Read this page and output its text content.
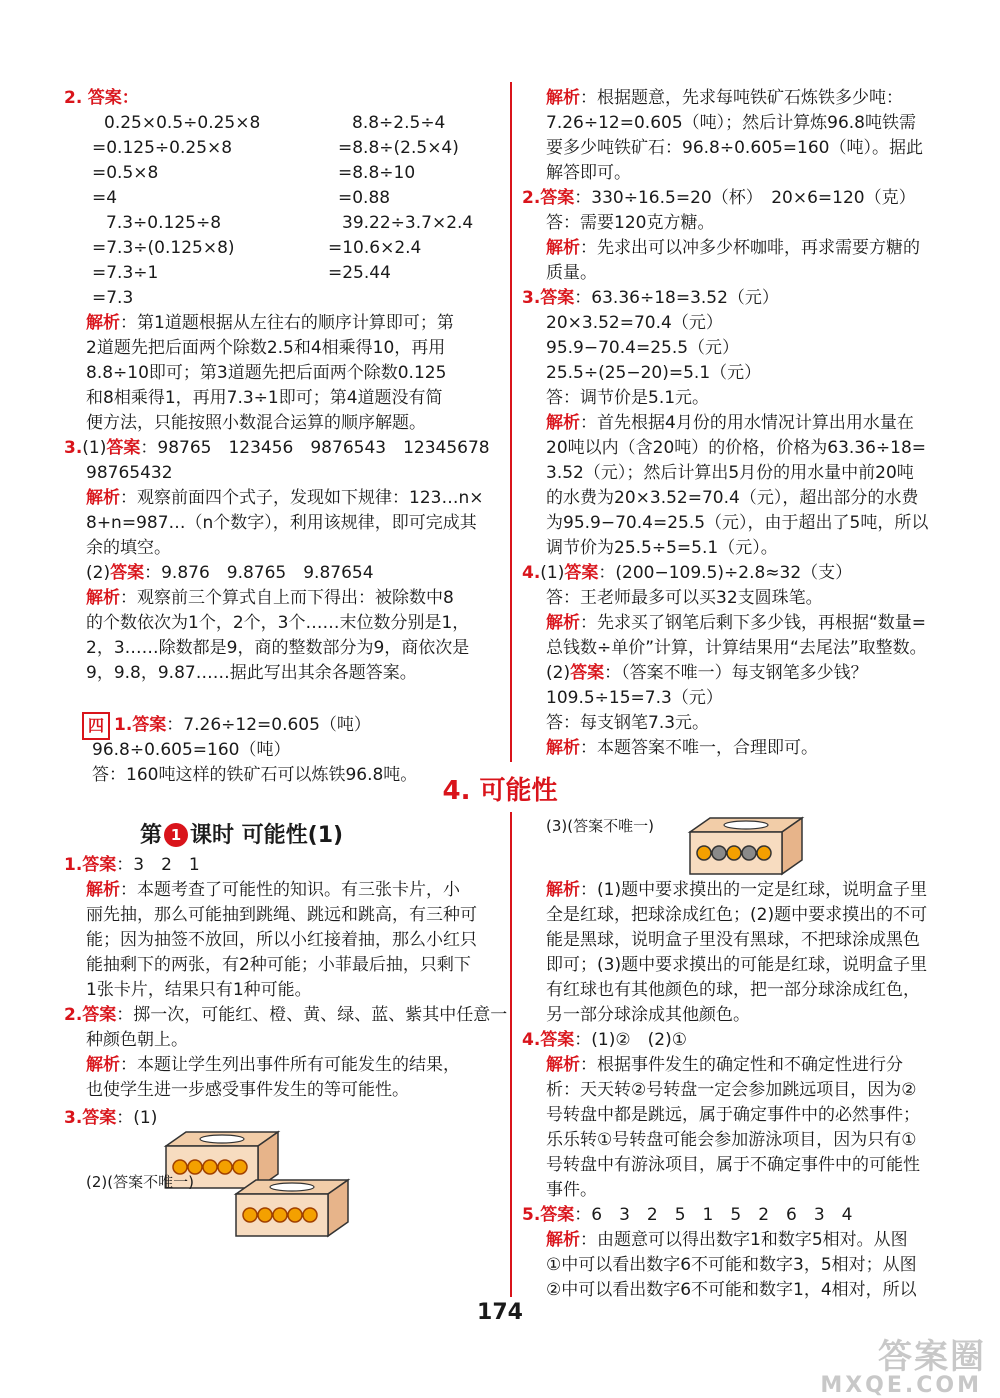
2. 答案：
0.25×0.5÷0.25×8	8.8÷2.5÷4
=0.125÷0.25×8	=8.8÷(2.5×4)
=0.5×8	=8.8÷10
=4	=0.88
7.3÷0.125÷8	39.22÷3.7×2.4
=7.3÷(0.125×8)	=10.6×2.4
=7.3÷1	=25.44
=7.3
解析：第1道题根据从左往右的顺序计算即可；第
2道题先把后面两个除数2.5和4相乘得10，再用
8.8÷10即可；第3道题先把后面两个除数0.125
和8相乘得1，再用7.3÷1即可；第4道题没有简
便方法，只能按照小数混合运算的顺序解题。
3.(1)答案：98765　123456　9876543　12345678
98765432
解析：观察前面四个式子，发现如下规律：123…n×
8+n=987…（n个数字），利用该规律，即可完成其
余的填空。
(2)答案：9.876　9.8765　9.87654
解析：观察前三个算式自上而下得出：被除数中8
的个数依次为1个，2个，3个……末位数分别是1，
2，3……除数都是9，商的整数部分为9，商依次是
9，9.8，9.87……据此写出其余各题答案。
四 1.答案：7.26÷12=0.605（吨）
96.8÷0.605=160（吨）
答：160吨这样的铁矿石可以炼铁96.8吨。
解析：根据题意，先求每吨铁矿石炼铁多少吨：
7.26÷12=0.605（吨）；然后计算炼96.8吨铁需
要多少吨铁矿石：96.8÷0.605=160（吨）。据此
解答即可。
2.答案：330÷16.5=20（杯）　20×6=120（克）
答：需要120克方糖。
解析：先求出可以冲多少杯咖啡，再求需要方糖的
质量。
3.答案：63.36÷18=3.52（元）
20×3.52=70.4（元）
95.9−70.4=25.5（元）
25.5÷(25−20)=5.1（元）
答：调节价是5.1元。
解析：首先根据4月份的用水情况计算出用水量在
20吨以内（含20吨）的价格，价格为63.36÷18=
3.52（元）；然后计算出5月份的用水量中前20吨
的水费为20×3.52=70.4（元），超出部分的水费
为95.9−70.4=25.5（元），由于超出了5吨，所以
调节价为25.5÷5=5.1（元）。
4.(1)答案：(200−109.5)÷2.8≈32（支）
答：王老师最多可以买32支圆珠笔。
解析：先求买了钢笔后剩下多少钱，再根据“数量=
总钱数÷单价”计算，计算结果用“去尾法”取整数。
(2)答案：（答案不唯一）每支钢笔多少钱？
109.5÷15=7.3（元）
答：每支钢笔7.3元。
解析：本题答案不唯一，合理即可。
4. 可能性
第 1 课时 可能性(1)
1.答案：3　2　1
解析：本题考查了可能性的知识。有三张卡片，小
丽先抽，那么可能抽到跳绳、跳远和跳高，有三种可
能；因为抽签不放回，所以小红接着抽，那么小红只
能抽剩下的两张，有2种可能；小菲最后抽，只剩下
1张卡片，结果只有1种可能。
2.答案：掷一次，可能红、橙、黄、绿、蓝、紫其中任意一
种颜色朝上。
解析：本题让学生列出事件所有可能发生的结果，
也使学生进一步感受事件发生的等可能性。
3.答案：(1)
(2)(答案不唯一)
(3)(答案不唯一)
解析：(1)题中要求摸出的一定是红球，说明盒子里
全是红球，把球涂成红色；(2)题中要求摸出的不可
能是黑球，说明盒子里没有黑球，不把球涂成黑色
即可；(3)题中要求摸出的可能是红球，说明盒子里
有红球也有其他颜色的球，把一部分球涂成红色，
另一部分球涂成其他颜色。
4.答案：(1)②　(2)①
解析：根据事件发生的确定性和不确定性进行分
析：天天转②号转盘一定会参加跳远项目，因为②
号转盘中都是跳远，属于确定事件中的必然事件；
乐乐转①号转盘可能会参加游泳项目，因为只有①
号转盘中有游泳项目，属于不确定事件中的可能性
事件。
5.答案：6　3　2　5　1　5　2　6　3　4
解析：由题意可以得出数字1和数字5相对。从图
①中可以看出数字6不可能和数字3，5相对；从图
②中可以看出数字6不可能和数字1，4相对，所以
174
答案圈
MXQE.COM
